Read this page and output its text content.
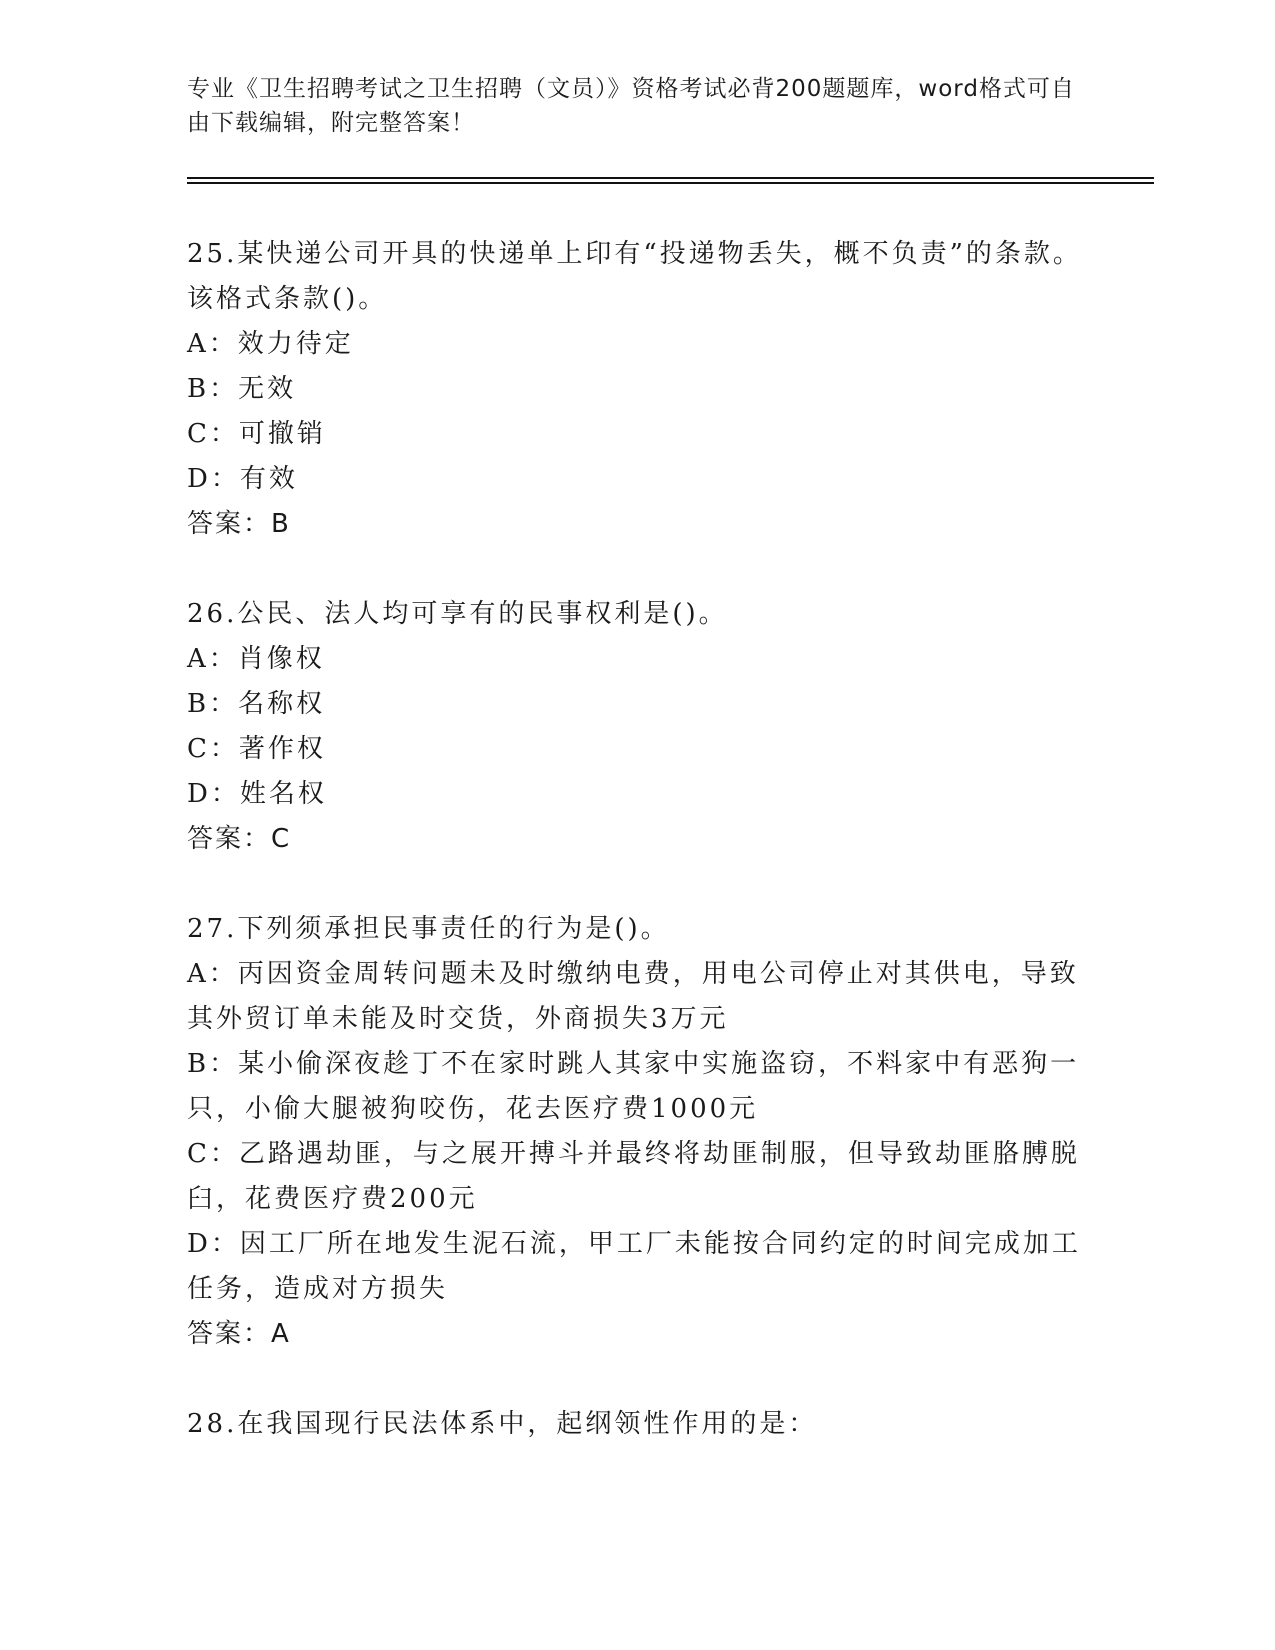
专业《卫生招聘考试之卫生招聘（文员）》资格考试必背200题题库，word格式可自由下载编辑，附完整答案！
25.某快递公司开具的快递单上印有“投递物丢失，概不负责”的条款。该格式条款()。
A：效力待定
B：无效
C：可撤销
D：有效
答案：B
26.公民、法人均可享有的民事权利是()。
A：肖像权
B：名称权
C：著作权
D：姓名权
答案：C
27.下列须承担民事责任的行为是()。
A：丙因资金周转问题未及时缴纳电费，用电公司停止对其供电，导致其外贸订单未能及时交货，外商损失3万元
B：某小偷深夜趁丁不在家时跳人其家中实施盗窃，不料家中有恶狗一只，小偷大腿被狗咬伤，花去医疗费1000元
C：乙路遇劫匪，与之展开搏斗并最终将劫匪制服，但导致劫匪胳膊脱臼，花费医疗费200元
D：因工厂所在地发生泥石流，甲工厂未能按合同约定的时间完成加工任务，造成对方损失
答案：A
28.在我国现行民法体系中，起纲领性作用的是：
